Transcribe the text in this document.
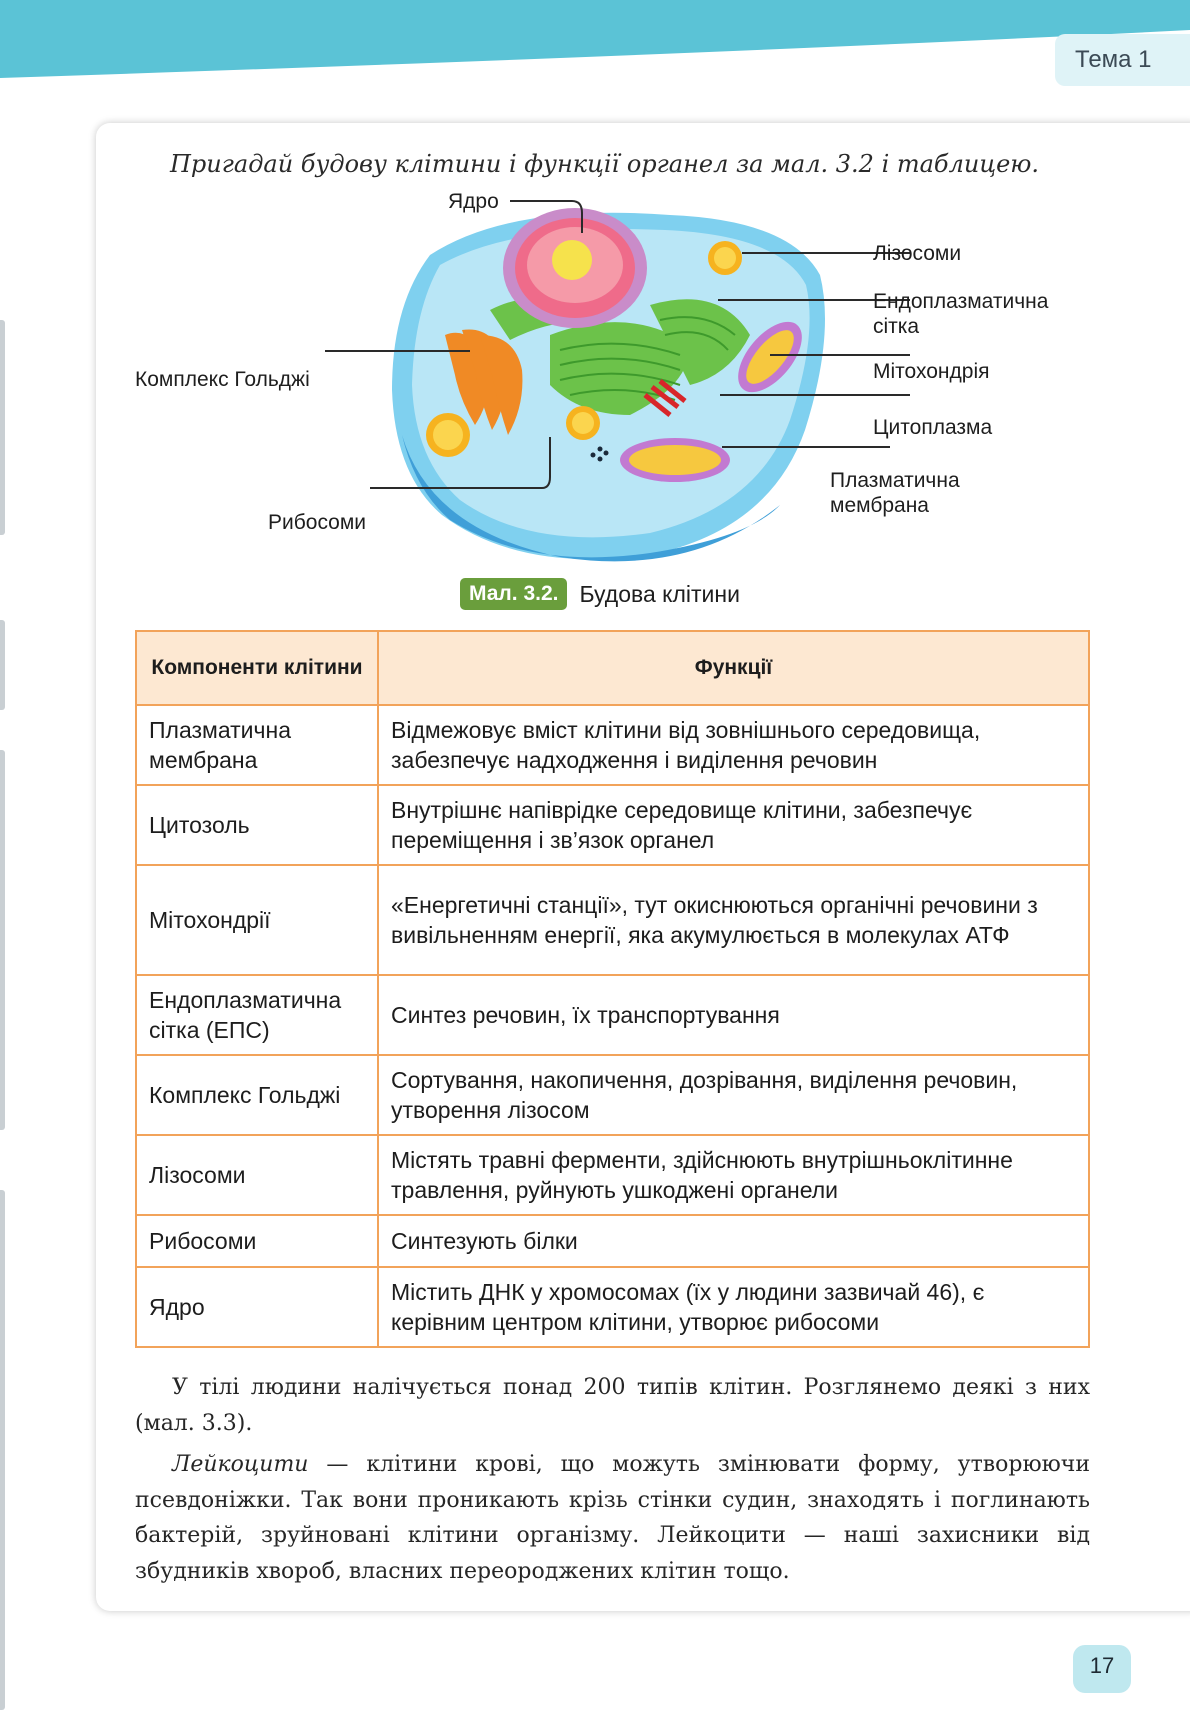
Тема 1
Пригадай будову клітини і функції органел за мал. 3.2 і таблицею.
Ядро
Лізосоми
Ендоплазматична
сітка
Комплекс Гольджі	Мітохондрія
Цитоплазма
Плазматична
мембрана
Рибосоми
Мал. 3.2. Будова клітини
Компоненти клітини	Функції
Плазматична мембрана	Відмежовує вміст клітини від зовнішнього середовища, забезпечує надходження і виділення речовин
Цитозоль	Внутрішнє напіврідке середовище клітини, забезпечує переміщення і зв’язок органел
Мітохондрії	«Енергетичні станції», тут окиснюються органічні речовини з вивільненням енергії, яка акумулюється в молекулах АТФ
Ендоплазматична сітка (ЕПС)	Синтез речовин, їх транспортування
Комплекс Гольджі	Сортування, накопичення, дозрівання, виділення речовин, утворення лізосом
Лізосоми	Містять травні ферменти, здійснюють внутрішньоклітинне травлення, руйнують ушкоджені органели
Рибосоми	Синтезують білки
Ядро	Містить ДНК у хромосомах (їх у людини зазвичай 46), є керівним центром клітини, утворює рибосоми
У тілі людини налічується понад 200 типів клітин. Розглянемо деякі з них (мал. 3.3).
Лейкоцити — клітини крові, що можуть змінювати форму, утворюючи псевдоніжки. Так вони проникають крізь стінки судин, знаходять і поглинають бактерій, зруйновані клітини організму. Лейкоцити — наші захисники від збудників хвороб, власних переороджених клітин тощо.
17
